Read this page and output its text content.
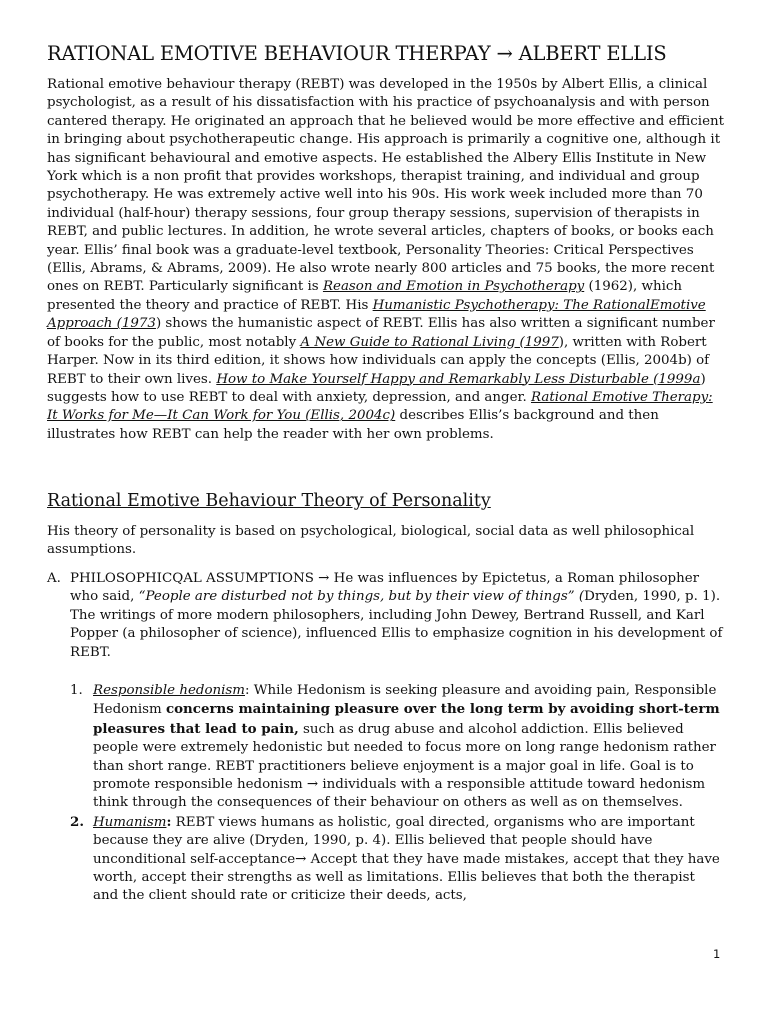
RATIONAL EMOTIVE BEHAVIOUR THERPAY → ALBERT ELLIS

Rational emotive behaviour therapy (REBT) was developed in the 1950s by Albert Ellis, a clinical psychologist, as a result of his dissatisfaction with his practice of psychoanalysis and with person cantered therapy. He originated an approach that he believed would be more effective and efficient in bringing about psychotherapeutic change. His approach is primarily a cognitive one, although it has significant behavioural and emotive aspects. He established the Albery Ellis Institute in New York which is a non profit that provides workshops, therapist training, and individual and group psychotherapy. He was extremely active well into his 90s. His work week included more than 70 individual (half-hour) therapy sessions, four group therapy sessions, supervision of therapists in REBT, and public lectures. In addition, he wrote several articles, chapters of books, or books each year. Ellis’ final book was a graduate-level textbook, Personality Theories: Critical Perspectives (Ellis, Abrams, & Abrams, 2009). He also wrote nearly 800 articles and 75 books, the more recent ones on REBT. Particularly significant is Reason and Emotion in Psychotherapy (1962), which presented the theory and practice of REBT. His Humanistic Psychotherapy: The RationalEmotive Approach (1973) shows the humanistic aspect of REBT. Ellis has also written a significant number of books for the public, most notably A New Guide to Rational Living (1997), written with Robert Harper. Now in its third edition, it shows how individuals can apply the concepts (Ellis, 2004b) of REBT to their own lives. How to Make Yourself Happy and Remarkably Less Disturbable (1999a) suggests how to use REBT to deal with anxiety, depression, and anger. Rational Emotive Therapy: It Works for Me—It Can Work for You (Ellis, 2004c) describes Ellis’s background and then illustrates how REBT can help the reader with her own problems.

Rational Emotive Behaviour Theory of Personality

His theory of personality is based on psychological, biological, social data as well philosophical assumptions.

A. PHILOSOPHICQAL ASSUMPTIONS → He was influences by Epictetus, a Roman philosopher who said, “People are disturbed not by things, but by their view of things” (Dryden, 1990, p. 1). The writings of more modern philosophers, including John Dewey, Bertrand Russell, and Karl Popper (a philosopher of science), influenced Ellis to emphasize cognition in his development of REBT.
1. Responsible hedonism: While Hedonism is seeking pleasure and avoiding pain, Responsible Hedonism concerns maintaining pleasure over the long term by avoiding short-term pleasures that lead to pain, such as drug abuse and alcohol addiction. Ellis believed people were extremely hedonistic but needed to focus more on long range hedonism rather than short range. REBT practitioners believe enjoyment is a major goal in life. Goal is to promote responsible hedonism → individuals with a responsible attitude toward hedonism think through the consequences of their behaviour on others as well as on themselves.
2. Humanism: REBT views humans as holistic, goal directed, organisms who are important because they are alive (Dryden, 1990, p. 4). Ellis believed that people should have unconditional self-acceptance→ Accept that they have made mistakes, accept that they have worth, accept their strengths as well as limitations. Ellis believes that both the therapist and the client should rate or criticize their deeds, acts,
1
